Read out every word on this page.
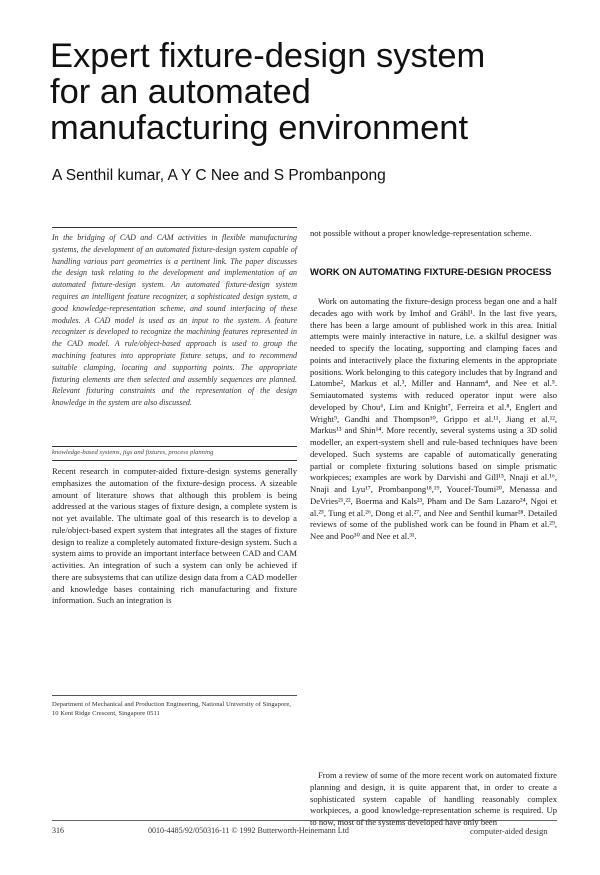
Expert fixture-design system
for an automated
manufacturing environment
A Senthil kumar, A Y C Nee and S Prombanpong

In the bridging of CAD and CAM activities in flexible manufacturing systems, the development of an automated fixture-design system capable of handling various part geometries is a pertinent link. The paper discusses the design task relating to the development and implementation of an automated fixture-design system. An automated fixture-design system requires an intelligent feature recognizer, a sophisticated design system, a good knowledge-representation scheme, and sound interfacing of these modules. A CAD model is used as an input to the system. A feature recognizer is developed to recognize the machining features represented in the CAD model. A rule/object-based approach is used to group the machining features into appropriate fixture setups, and to recommend suitable clamping, locating and supporting points. The appropriate fixturing elements are then selected and assembly sequences are planned. Relevant fixturing constraints and the representation of the design knowledge in the system are also discussed.

knowledge-based systems, jigs and fixtures, process planning

Recent research in computer-aided fixture-design systems generally emphasizes the automation of the fixture-design process. A sizeable amount of literature shows that although this problem is being addressed at the various stages of fixture design, a complete system is not yet available. The ultimate goal of this research is to develop a rule/object-based expert system that integrates all the stages of fixture design to realize a completely automated fixture-design system. Such a system aims to provide an important interface between CAD and CAM activities. An integration of such a system can only be achieved if there are subsystems that can utilize design data from a CAD modeller and knowledge bases containing rich manufacturing and fixture information. Such an integration is

Department of Mechanical and Production Engineering, National University of Singapore, 10 Kent Ridge Crescent, Singapore 0511

not possible without a proper knowledge-representation scheme.

WORK ON AUTOMATING FIXTURE-DESIGN PROCESS

Work on automating the fixture-design process began one and a half decades ago with work by Imhof and Grähl¹. In the last five years, there has been a large amount of published work in this area. Initial attempts were mainly interactive in nature, i.e. a skilful designer was needed to specify the locating, supporting and clamping faces and points and interactively place the fixturing elements in the appropriate positions. Work belonging to this category includes that by Ingrand and Latombe², Markus et al.³, Miller and Hannam⁴, and Nee et al.⁵. Semiautomated systems with reduced operator input were also developed by Chou⁶, Lim and Knight⁷, Ferreira et al.⁸, Englert and Wright⁹, Gandhi and Thompson¹⁰, Grippo et al.¹¹, Jiang et al.¹², Markus¹³ and Shin¹⁴. More recently, several systems using a 3D solid modeller, an expert-system shell and rule-based techniques have been developed. Such systems are capable of automatically generating partial or complete fixturing solutions based on simple prismatic workpieces; examples are work by Darvishi and Gill¹⁵, Nnaji et al.¹⁶, Nnaji and Lyu¹⁷, Prombanpong¹⁸,¹⁹, Youcef-Toumi²⁰, Menassa and DeVries²¹,²², Boerma and Kals²³, Pham and De Sam Lazaro²⁴, Ngoi et al.²⁵, Tung et al.²⁶, Dong et al.²⁷, and Nee and Senthil kumar²⁸. Detailed reviews of some of the published work can be found in Pham et al.²⁹, Nee and Poo³⁰ and Nee et al.³¹.

From a review of some of the more recent work on automated fixture planning and design, it is quite apparent that, in order to create a sophisticated system capable of handling reasonably complex workpieces, a good knowledge-representation scheme is required. Up to now, most of the systems developed have only been

316	0010-4485/92/050316-11 © 1992 Butterworth-Heinemann Ltd	computer-aided design
